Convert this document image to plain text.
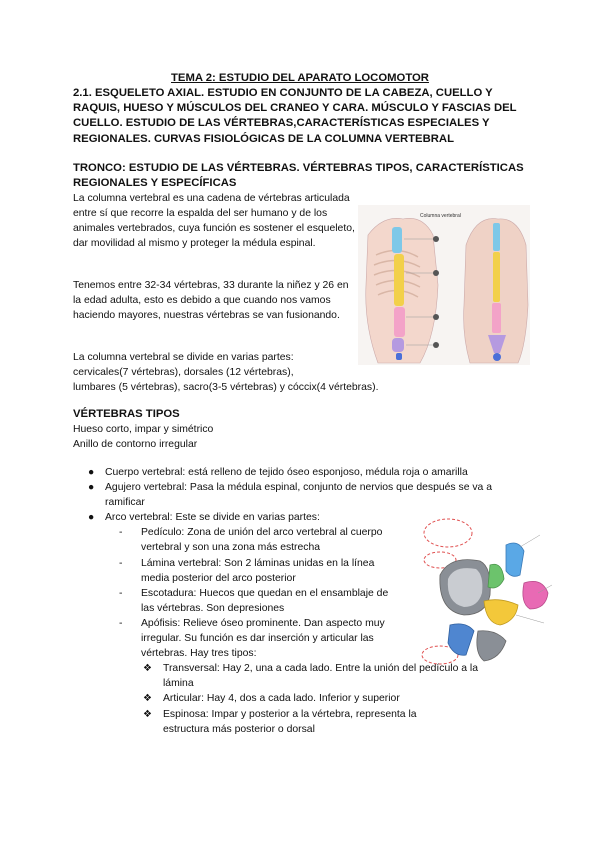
TEMA 2: ESTUDIO DEL APARATO LOCOMOTOR
2.1. ESQUELETO AXIAL. ESTUDIO EN CONJUNTO DE LA CABEZA, CUELLO Y RAQUIS, HUESO Y MÚSCULOS DEL CRANEO Y CARA. MÚSCULO Y FASCIAS DEL CUELLO. ESTUDIO DE LAS VÉRTEBRAS,CARACTERÍSTICAS ESPECIALES Y REGIONALES. CURVAS FISIOLÓGICAS DE LA COLUMNA VERTEBRAL
TRONCO: ESTUDIO DE LAS VÉRTEBRAS. VÉRTEBRAS TIPOS, CARACTERÍSTICAS REGIONALES Y ESPECÍFICAS
La columna vertebral es una cadena de vértebras articulada entre sí que recorre la espalda del ser humano y de los animales vertebrados, cuya función es sostener el esqueleto, dar movilidad al mismo y proteger la médula espinal.
Tenemos entre 32-34 vértebras, 33 durante la niñez y 26 en la edad adulta, esto es debido a que cuando nos vamos haciendo mayores, nuestras vértebras se van fusionando.
La columna vertebral se divide en varias partes:
cervicales(7 vértebras), dorsales (12 vértebras),
lumbares (5 vértebras), sacro(3-5 vértebras) y cóccix(4 vértebras).
Columna vertebral
VÉRTEBRAS TIPOS
Hueso corto, impar y simétrico
Anillo de contorno irregular
● Cuerpo vertebral: está relleno de tejido óseo esponjoso, médula roja o amarilla
● Agujero vertebral: Pasa la médula espinal, conjunto de nervios que después se va a ramificar
● Arco vertebral: Este se divide en varias partes:
- Pedículo: Zona de unión del arco vertebral al cuerpo vertebral y son una zona más estrecha
- Lámina vertebral: Son 2 láminas unidas en la línea media posterior del arco posterior
- Escotadura: Huecos que quedan en el ensamblaje de las vértebras. Son depresiones
- Apófisis: Relieve óseo prominente. Dan aspecto muy irregular. Su función es dar inserción y articular las vértebras. Hay tres tipos:
❖ Transversal: Hay 2, una a cada lado. Entre la unión del pedículo a la lámina
❖ Articular: Hay 4, dos a cada lado. Inferior y superior
❖ Espinosa: Impar y posterior a la vértebra, representa la estructura más posterior o dorsal
